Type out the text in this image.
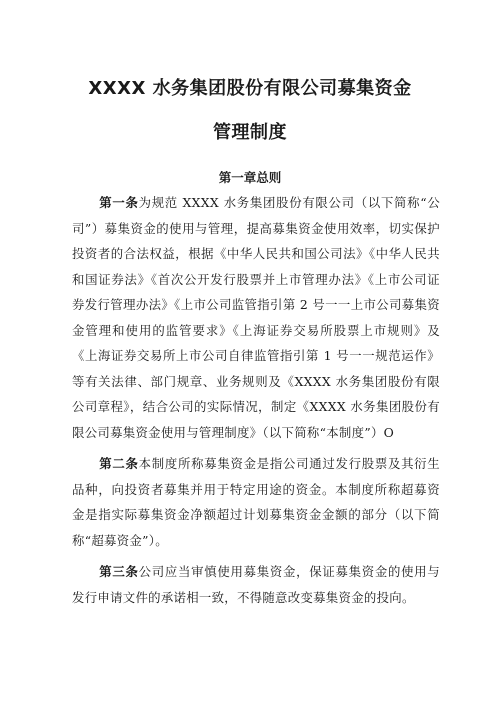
XXXX 水务集团股份有限公司募集资金
管理制度
第一章总则

第一条为规范 XXXX 水务集团股份有限公司（以下简称“公司”）募集资金的使用与管理，提高募集资金使用效率，切实保护投资者的合法权益，根据《中华人民共和国公司法》《中华人民共和国证券法》《首次公开发行股票并上市管理办法》《上市公司证券发行管理办法》《上市公司监管指引第 2 号一一上市公司募集资金管理和使用的监管要求》《上海证券交易所股票上市规则》及《上海证券交易所上市公司自律监管指引第 1 号一一规范运作》等有关法律、部门规章、业务规则及《XXXX 水务集团股份有限公司章程》，结合公司的实际情况，制定《XXXX 水务集团股份有限公司募集资金使用与管理制度》（以下简称“本制度”）O

第二条本制度所称募集资金是指公司通过发行股票及其衍生品种，向投资者募集并用于特定用途的资金。本制度所称超募资金是指实际募集资金净额超过计划募集资金金额的部分（以下简称“超募资金”）。

第三条公司应当审慎使用募集资金，保证募集资金的使用与发行申请文件的承诺相一致，不得随意改变募集资金的投向。
